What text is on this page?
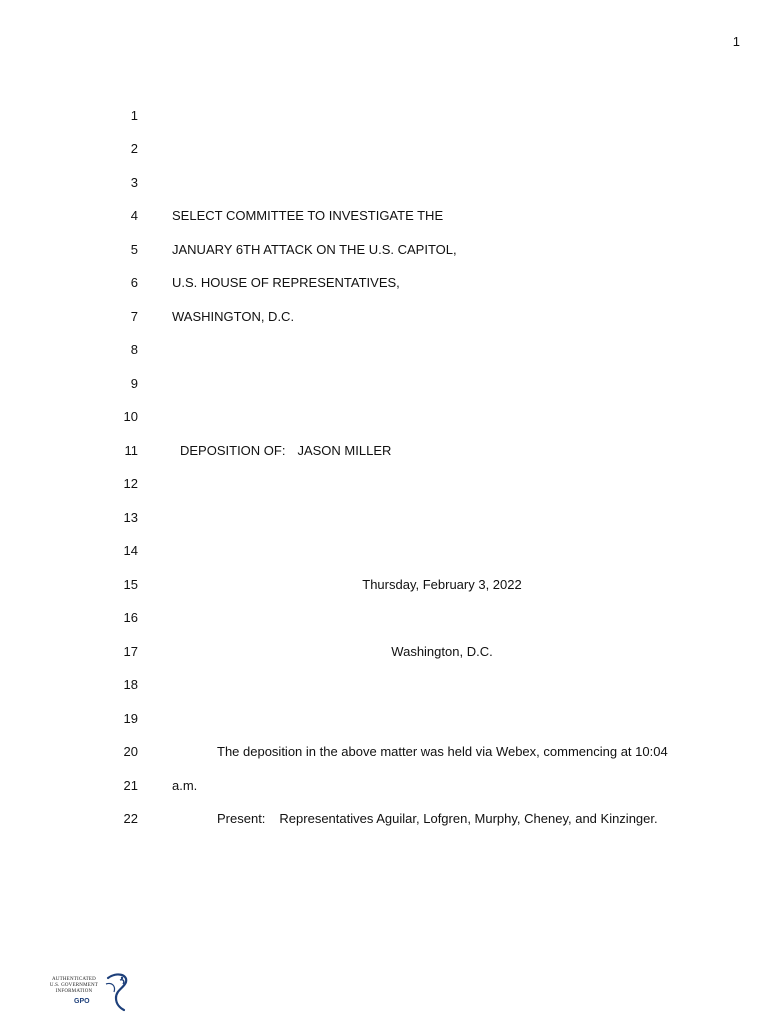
1
1
2
3
4	SELECT COMMITTEE TO INVESTIGATE THE
5	JANUARY 6TH ATTACK ON THE U.S. CAPITOL,
6	U.S. HOUSE OF REPRESENTATIVES,
7	WASHINGTON, D.C.
8
9
10
11	DEPOSITION OF: JASON MILLER
12
13
14
15	Thursday, February 3, 2022
16
17	Washington, D.C.
18
19
20	The deposition in the above matter was held via Webex, commencing at 10:04
21	a.m.
22	Present: Representatives Aguilar, Lofgren, Murphy, Cheney, and Kinzinger.
AUTHENTICATED
U.S. GOVERNMENT
INFORMATION
GPO
